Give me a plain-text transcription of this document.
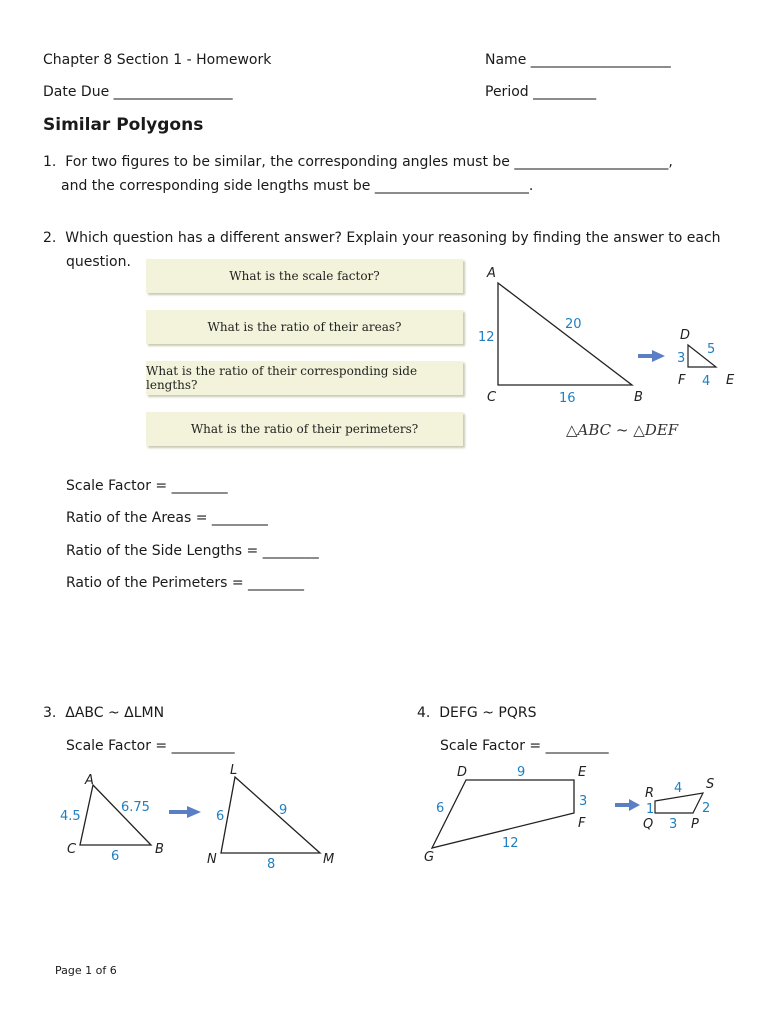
Chapter 8 Section 1 - Homework	Name ____________________
Date Due _________________	Period _________
Similar Polygons
1.  For two figures to be similar, the corresponding angles must be ______________________,
and the corresponding side lengths must be ______________________.
2.  Which question has a different answer? Explain your reasoning by finding the answer to each
question.
What is the scale factor?
What is the ratio of their areas?
What is the ratio of their corresponding side lengths?
What is the ratio of their perimeters?
A
C	B
12
20
16
D
F	E
3
5
4
△ABC ~ △DEF
Scale Factor = ________
Ratio of the Areas = ________
Ratio of the Side Lengths = ________
Ratio of the Perimeters = ________
3.  ΔABC ~ ΔLMN
Scale Factor = _________
A
C	B
4.5
6.75
6
L
N	M
6	9
8
4.  DEFG ~ PQRS
Scale Factor = _________
D	E
F
G
9
3
6
12
R
S
Q	P
4
1	2
3
Page 1 of 6
